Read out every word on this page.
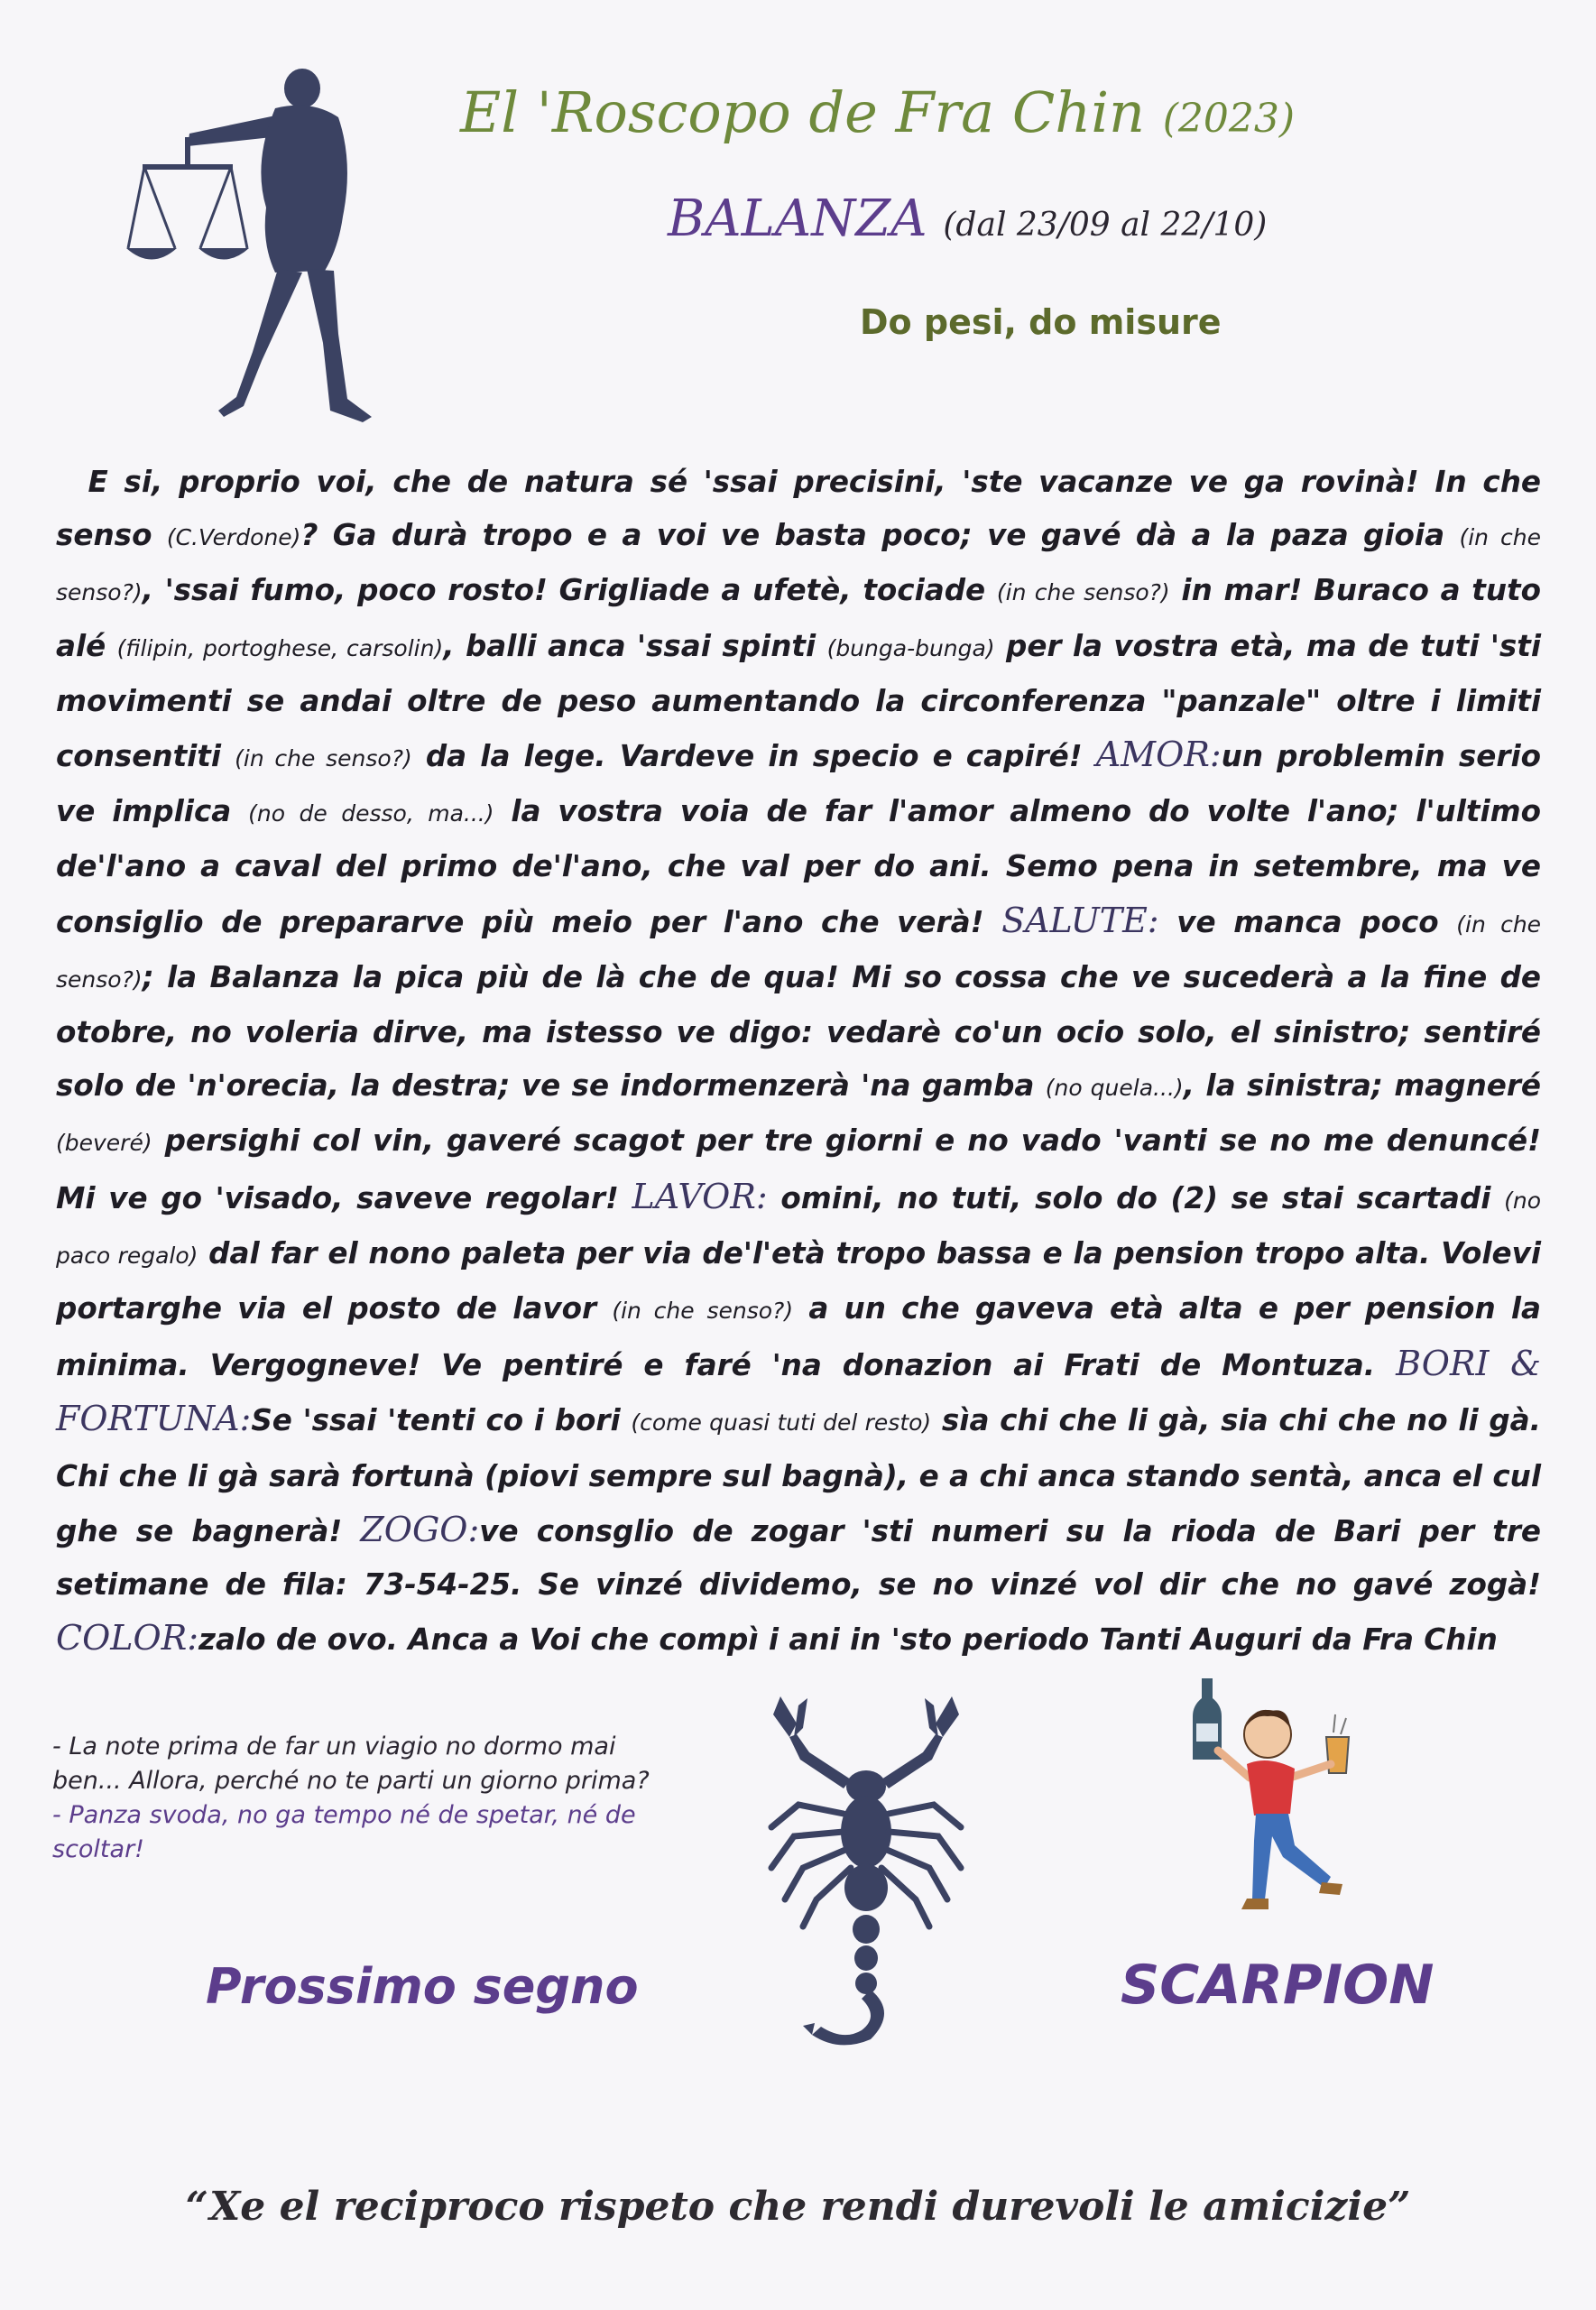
El 'Roscopo de Fra Chin (2023)
BALANZA (dal 23/09 al 22/10)
Do pesi, do misure
E si, proprio voi, che de natura sé 'ssai precisini, 'ste vacanze ve ga rovinà! In che senso (C.Verdone)? Ga durà tropo e a voi ve basta poco; ve gavé dà a la paza gioia (in che senso?), 'ssai fumo, poco rosto! Grigliade a ufetè, tociade (in che senso?) in mar! Buraco a tuto alé (filipin, portoghese, carsolin), balli anca 'ssai spinti (bunga-bunga) per la vostra età, ma de tuti 'sti movimenti se andai oltre de peso aumentando la circonferenza "panzale" oltre i limiti consentiti (in che senso?) da la lege. Vardeve in specio e capiré! AMOR:un problemin serio ve implica (no de desso, ma...) la vostra voia de far l'amor almeno do volte l'ano; l'ultimo de'l'ano a caval del primo de'l'ano, che val per do ani. Semo pena in setembre, ma ve consiglio de prepararve più meio per l'ano che verà! SALUTE: ve manca poco (in che senso?); la Balanza la pica più de là che de qua! Mi so cossa che ve sucederà a la fine de otobre, no voleria dirve, ma istesso ve digo: vedarè co'un ocio solo, el sinistro; sentiré solo de 'n'orecia, la destra; ve se indormenzerà 'na gamba (no quela...), la sinistra; magneré (beveré) persighi col vin, gaveré scagot per tre giorni e no vado 'vanti se no me denuncé! Mi ve go 'visado, saveve regolar! LAVOR: omini, no tuti, solo do (2) se stai scartadi (no paco regalo) dal far el nono paleta per via de'l'età tropo bassa e la pension tropo alta. Volevi portarghe via el posto de lavor (in che senso?) a un che gaveva età alta e per pension la minima. Vergogneve! Ve pentiré e faré 'na donazion ai Frati de Montuza. BORI & FORTUNA:Se 'ssai 'tenti co i bori (come quasi tuti del resto) sìa chi che li gà, sia chi che no li gà. Chi che li gà sarà fortunà (piovi sempre sul bagnà), e a chi anca stando sentà, anca el cul ghe se bagnerà! ZOGO:ve consglio de zogar 'sti numeri su la rioda de Bari per tre setimane de fila: 73-54-25. Se vinzé dividemo, se no vinzé vol dir che no gavé zogà! COLOR:zalo de ovo. Anca a Voi che compì i ani in 'sto periodo Tanti Auguri da Fra Chin
- La note prima de far un viagio no dormo mai ben... Allora, perché no te parti un giorno prima?
- Panza svoda, no ga tempo né de spetar, né de scoltar!
Prossimo segno	SCARPION
“Xe el reciproco rispeto che rendi durevoli le amicizie”
